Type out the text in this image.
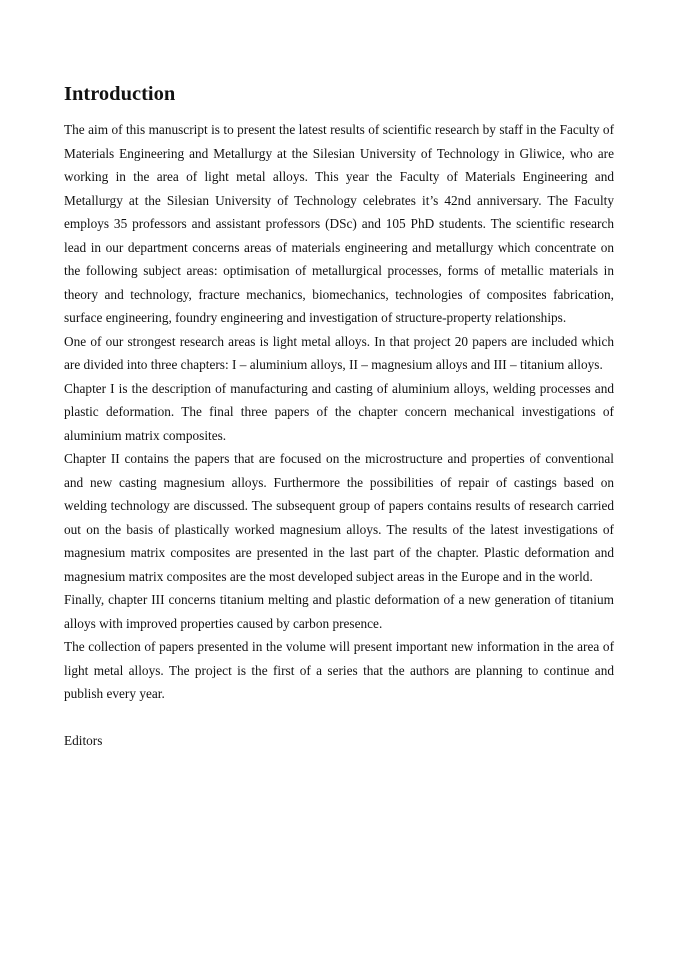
Introduction

The aim of this manuscript is to present the latest results of scientific research by staff in the Faculty of Materials Engineering and Metallurgy at the Silesian University of Technology in Gliwice, who are working in the area of light metal alloys. This year the Faculty of Materials Engineering and Metallurgy at the Silesian University of Technology celebrates it’s 42nd anniversary. The Faculty employs 35 professors and assistant professors (DSc) and 105 PhD students. The scientific research lead in our department concerns areas of materials engineering and metallurgy which concentrate on the following subject areas: optimisation of metallurgical processes, forms of metallic materials in theory and technology, fracture mechanics, biomechanics, technologies of composites fabrication, surface engineering, foundry engineering and investigation of structure-property relationships.

One of our strongest research areas is light metal alloys. In that project 20 papers are included which are divided into three chapters: I – aluminium alloys, II – magnesium alloys and III – titanium alloys.

Chapter I is the description of manufacturing and casting of aluminium alloys, welding processes and plastic deformation. The final three papers of the chapter concern mechanical investigations of aluminium matrix composites.

Chapter II contains the papers that are focused on the microstructure and properties of conventional and new casting magnesium alloys. Furthermore the possibilities of repair of castings based on welding technology are discussed. The subsequent group of papers contains results of research carried out on the basis of plastically worked magnesium alloys. The results of the latest investigations of magnesium matrix composites are presented in the last part of the chapter. Plastic deformation and magnesium matrix composites are the most developed subject areas in the Europe and in the world.

Finally, chapter III concerns titanium melting and plastic deformation of a new generation of titanium alloys with improved properties caused by carbon presence.

The collection of papers presented in the volume will present important new information in the area of light metal alloys. The project is the first of a series that the authors are planning to continue and publish every year.

Editors
